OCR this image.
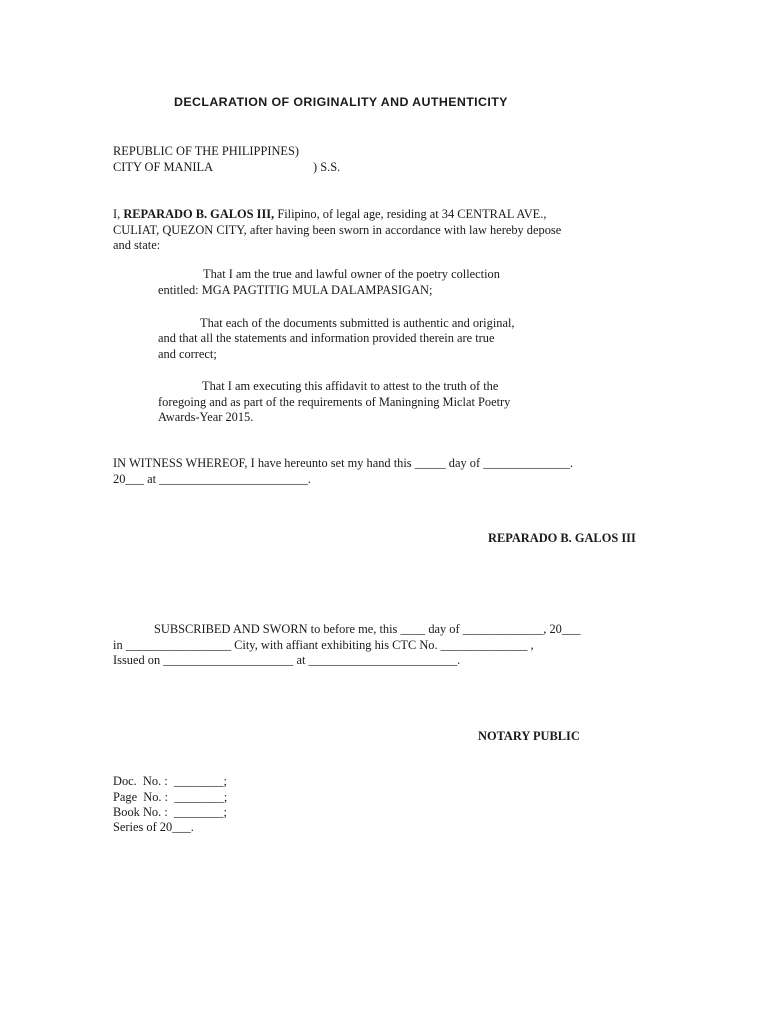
DECLARATION OF ORIGINALITY AND AUTHENTICITY
REPUBLIC OF THE PHILIPPINES)
CITY OF MANILA	) S.S.
I, REPARADO B. GALOS III, Filipino, of legal age, residing at 34 CENTRAL AVE.,
CULIAT, QUEZON CITY, after having been sworn in accordance with law hereby depose
and state:
That I am the true and lawful owner of the poetry collection
entitled: MGA PAGTITIG MULA DALAMPASIGAN;
That each of the documents submitted is authentic and original,
and that all the statements and information provided therein are true
and correct;
That I am executing this affidavit to attest to the truth of the
foregoing and as part of the requirements of Maningning Miclat Poetry
Awards-Year 2015.
IN WITNESS WHEREOF, I have hereunto set my hand this _____ day of ______________.
20___ at ________________________.
REPARADO B. GALOS III
SUBSCRIBED AND SWORN to before me, this ____ day of _____________, 20___
in _________________ City, with affiant exhibiting his CTC No. ______________ ,
Issued on _____________________ at ________________________.
NOTARY PUBLIC
Doc.  No. :  ________;
Page  No. :  ________;
Book No. :  ________;
Series of 20___.
